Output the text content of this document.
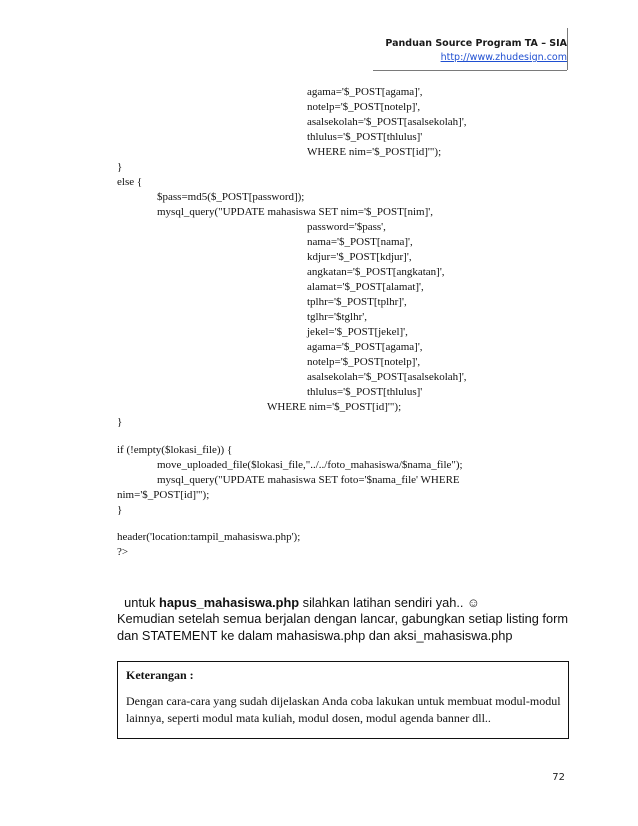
Panduan Source Program TA – SIA
http://www.zhudesign.com
agama='$_POST[agama]',
notelp='$_POST[notelp]',
asalsekolah='$_POST[asalsekolah]',
thlulus='$_POST[thlulus]'
WHERE nim='$_POST[id]'");
}
else {
$pass=md5($_POST[password]);
mysql_query("UPDATE mahasiswa SET nim='$_POST[nim]',
password='$pass',
nama='$_POST[nama]',
kdjur='$_POST[kdjur]',
angkatan='$_POST[angkatan]',
alamat='$_POST[alamat]',
tplhr='$_POST[tplhr]',
tglhr='$tglhr',
jekel='$_POST[jekel]',
agama='$_POST[agama]',
notelp='$_POST[notelp]',
asalsekolah='$_POST[asalsekolah]',
thlulus='$_POST[thlulus]'
WHERE nim='$_POST[id]'");
}
if (!empty($lokasi_file)) {
move_uploaded_file($lokasi_file,"../../foto_mahasiswa/$nama_file");
mysql_query("UPDATE mahasiswa SET foto='$nama_file' WHERE
nim='$_POST[id]'");
}
header('location:tampil_mahasiswa.php');
?>

untuk hapus_mahasiswa.php silahkan latihan sendiri yah.. ☺

Kemudian setelah semua berjalan dengan lancar, gabungkan setiap listing form
dan STATEMENT ke dalam mahasiswa.php dan aksi_mahasiswa.php
Keterangan :
Dengan cara-cara yang sudah dijelaskan Anda coba lakukan untuk membuat modul-modul lainnya, seperti modul mata kuliah, modul dosen, modul agenda banner dll..
72
